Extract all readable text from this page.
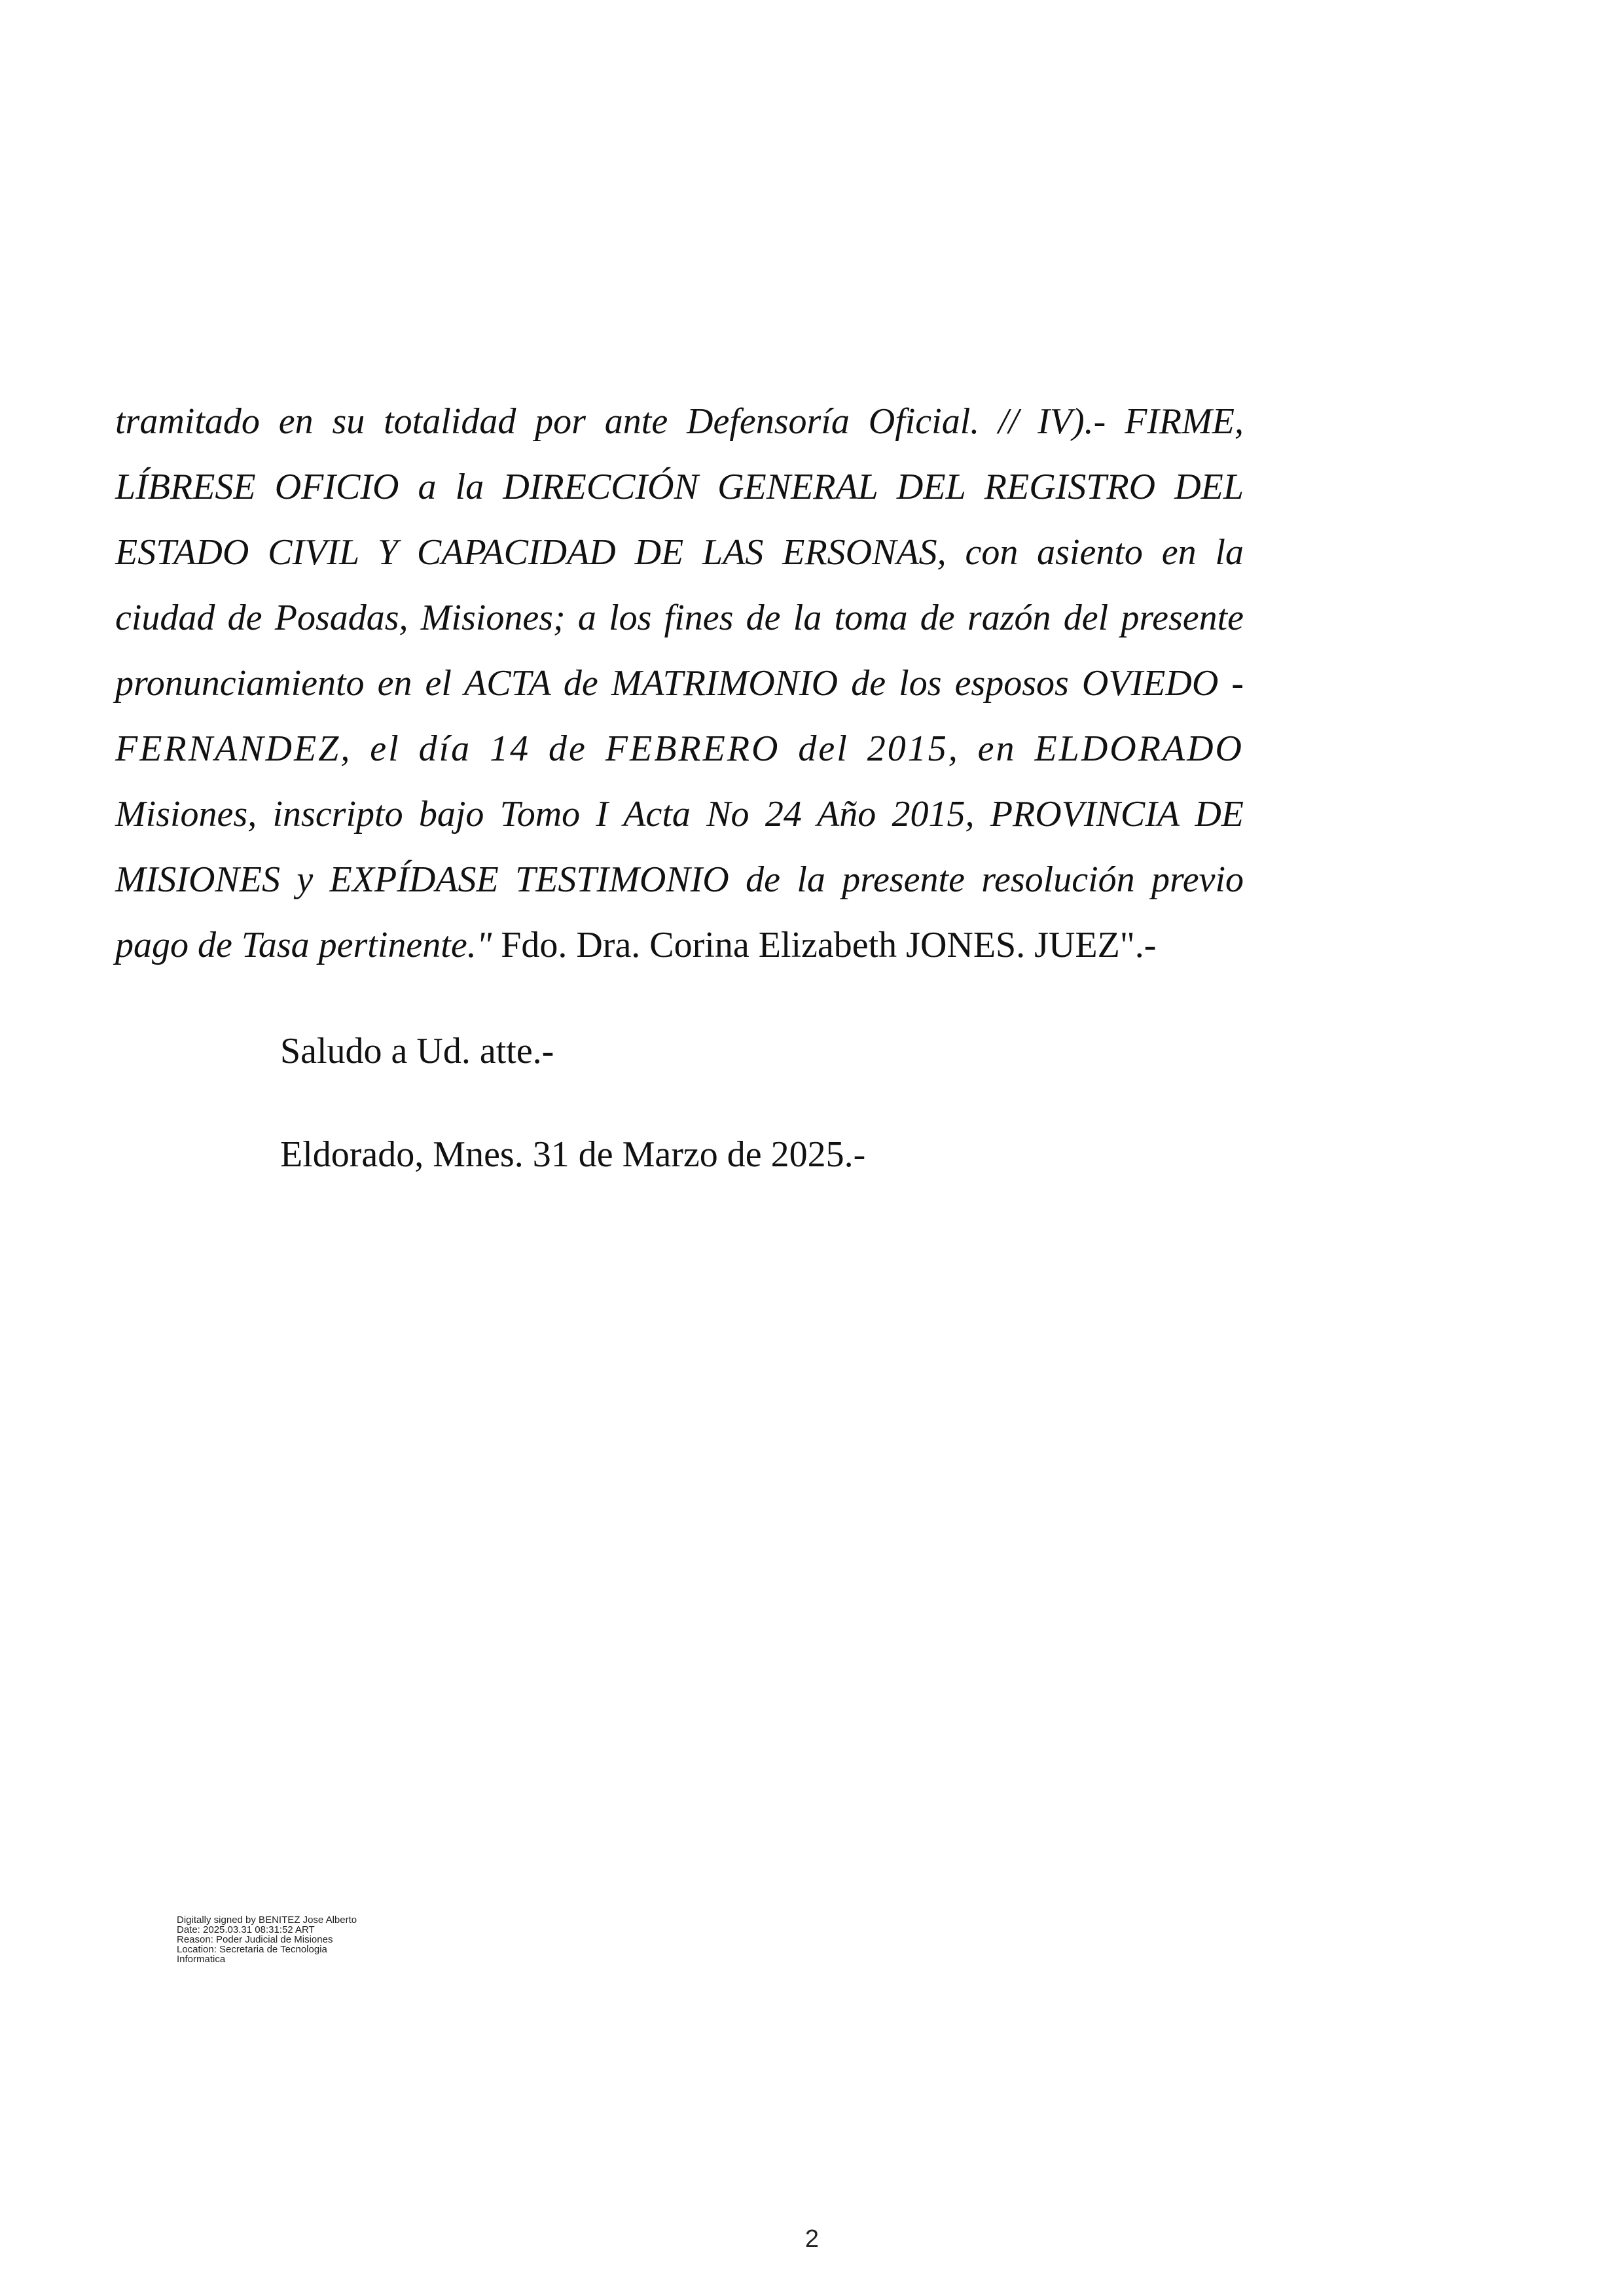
tramitado en su totalidad por ante Defensoría Oficial. // IV).- FIRME,
LÍBRESE OFICIO a la DIRECCIÓN GENERAL DEL REGISTRO DEL
ESTADO CIVIL Y CAPACIDAD DE LAS ERSONAS, con asiento en la
ciudad de Posadas, Misiones; a los fines de la toma de razón del presente
pronunciamiento en el ACTA de MATRIMONIO de los esposos OVIEDO -
FERNANDEZ, el día 14 de FEBRERO del 2015, en ELDORADO
Misiones, inscripto bajo Tomo I Acta No 24 Año 2015, PROVINCIA DE
MISIONES y EXPÍDASE TESTIMONIO de la presente resolución previo
pago de Tasa pertinente." Fdo. Dra. Corina Elizabeth JONES. JUEZ".-
Saludo a Ud. atte.-
Eldorado, Mnes. 31 de Marzo de 2025.-
Digitally signed by BENITEZ Jose Alberto
Date: 2025.03.31 08:31:52 ART
Reason: Poder Judicial de Misiones
Location: Secretaria de Tecnologia
Informatica
2
